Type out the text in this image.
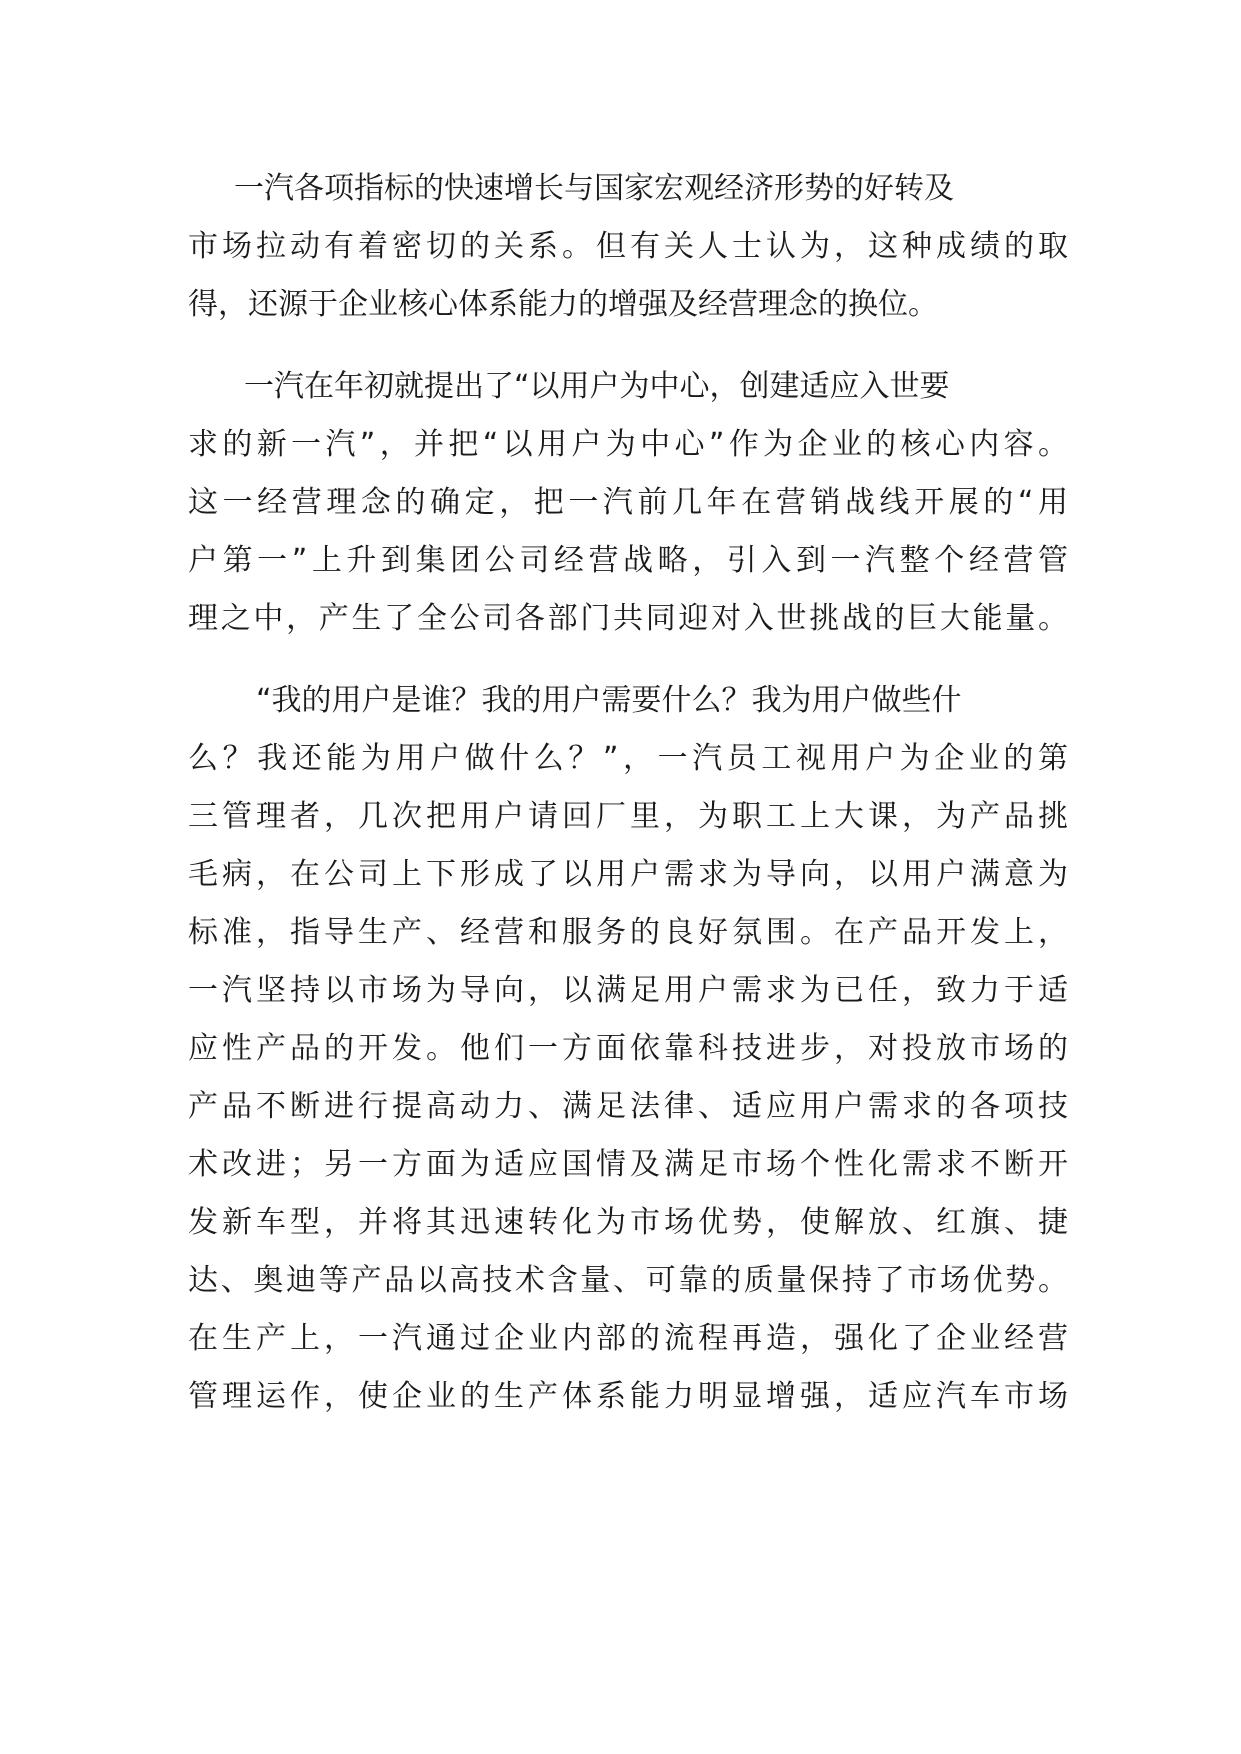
一汽各项指标的快速增长与国家宏观经济形势的好转及
市场拉动有着密切的关系。但有关人士认为，这种成绩的取
得，还源于企业核心体系能力的增强及经营理念的换位。
一汽在年初就提出了“以用户为中心，创建适应入世要
求的新一汽”，并把“以用户为中心”作为企业的核心内容。
这一经营理念的确定，把一汽前几年在营销战线开展的“用
户第一”上升到集团公司经营战略，引入到一汽整个经营管
理之中，产生了全公司各部门共同迎对入世挑战的巨大能量。
“我的用户是谁？我的用户需要什么？我为用户做些什
么？我还能为用户做什么？”，一汽员工视用户为企业的第
三管理者，几次把用户请回厂里，为职工上大课，为产品挑
毛病，在公司上下形成了以用户需求为导向，以用户满意为
标准，指导生产、经营和服务的良好氛围。在产品开发上，
一汽坚持以市场为导向，以满足用户需求为已任，致力于适
应性产品的开发。他们一方面依靠科技进步，对投放市场的
产品不断进行提高动力、满足法律、适应用户需求的各项技
术改进；另一方面为适应国情及满足市场个性化需求不断开
发新车型，并将其迅速转化为市场优势，使解放、红旗、捷
达、奥迪等产品以高技术含量、可靠的质量保持了市场优势。
在生产上，一汽通过企业内部的流程再造，强化了企业经营
管理运作，使企业的生产体系能力明显增强，适应汽车市场
